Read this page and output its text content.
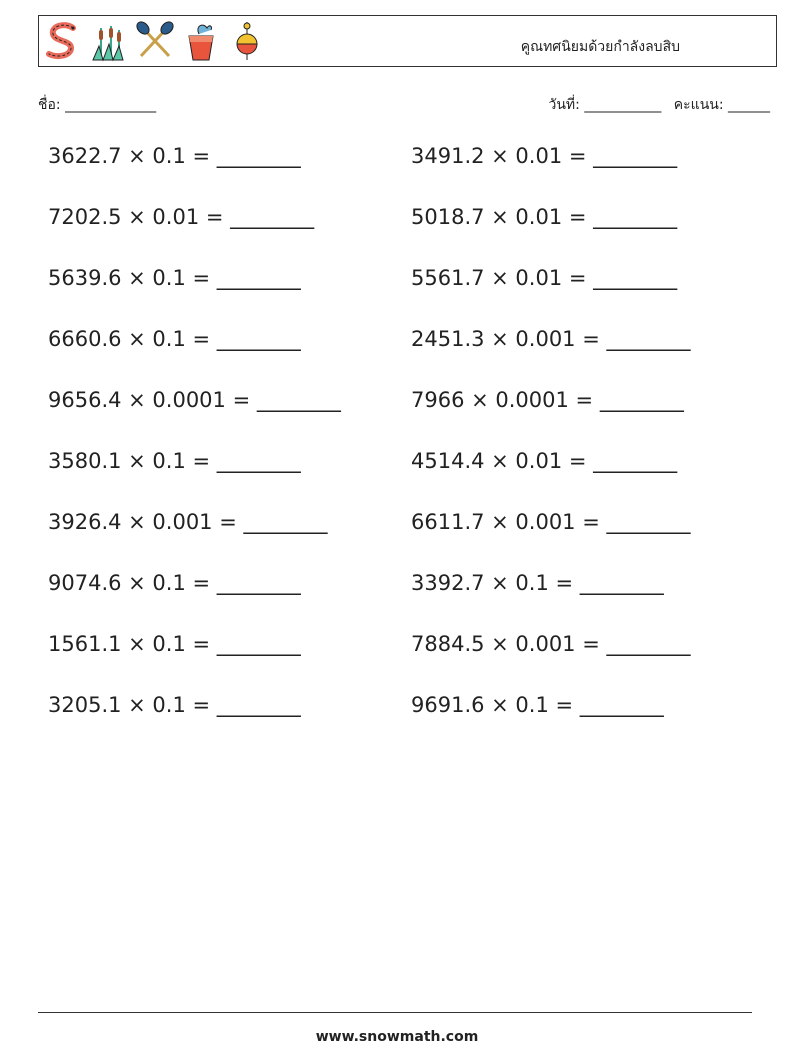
คูณทศนิยมด้วยกำลังลบสิบ
ชื่อ: _____________	วันที่: ___________ คะแนน: ______
3622.7 × 0.1 = ________	3491.2 × 0.01 = ________
7202.5 × 0.01 = ________	5018.7 × 0.01 = ________
5639.6 × 0.1 = ________	5561.7 × 0.01 = ________
6660.6 × 0.1 = ________	2451.3 × 0.001 = ________
9656.4 × 0.0001 = ________	7966 × 0.0001 = ________
3580.1 × 0.1 = ________	4514.4 × 0.01 = ________
3926.4 × 0.001 = ________	6611.7 × 0.001 = ________
9074.6 × 0.1 = ________	3392.7 × 0.1 = ________
1561.1 × 0.1 = ________	7884.5 × 0.001 = ________
3205.1 × 0.1 = ________	9691.6 × 0.1 = ________
www.snowmath.com
